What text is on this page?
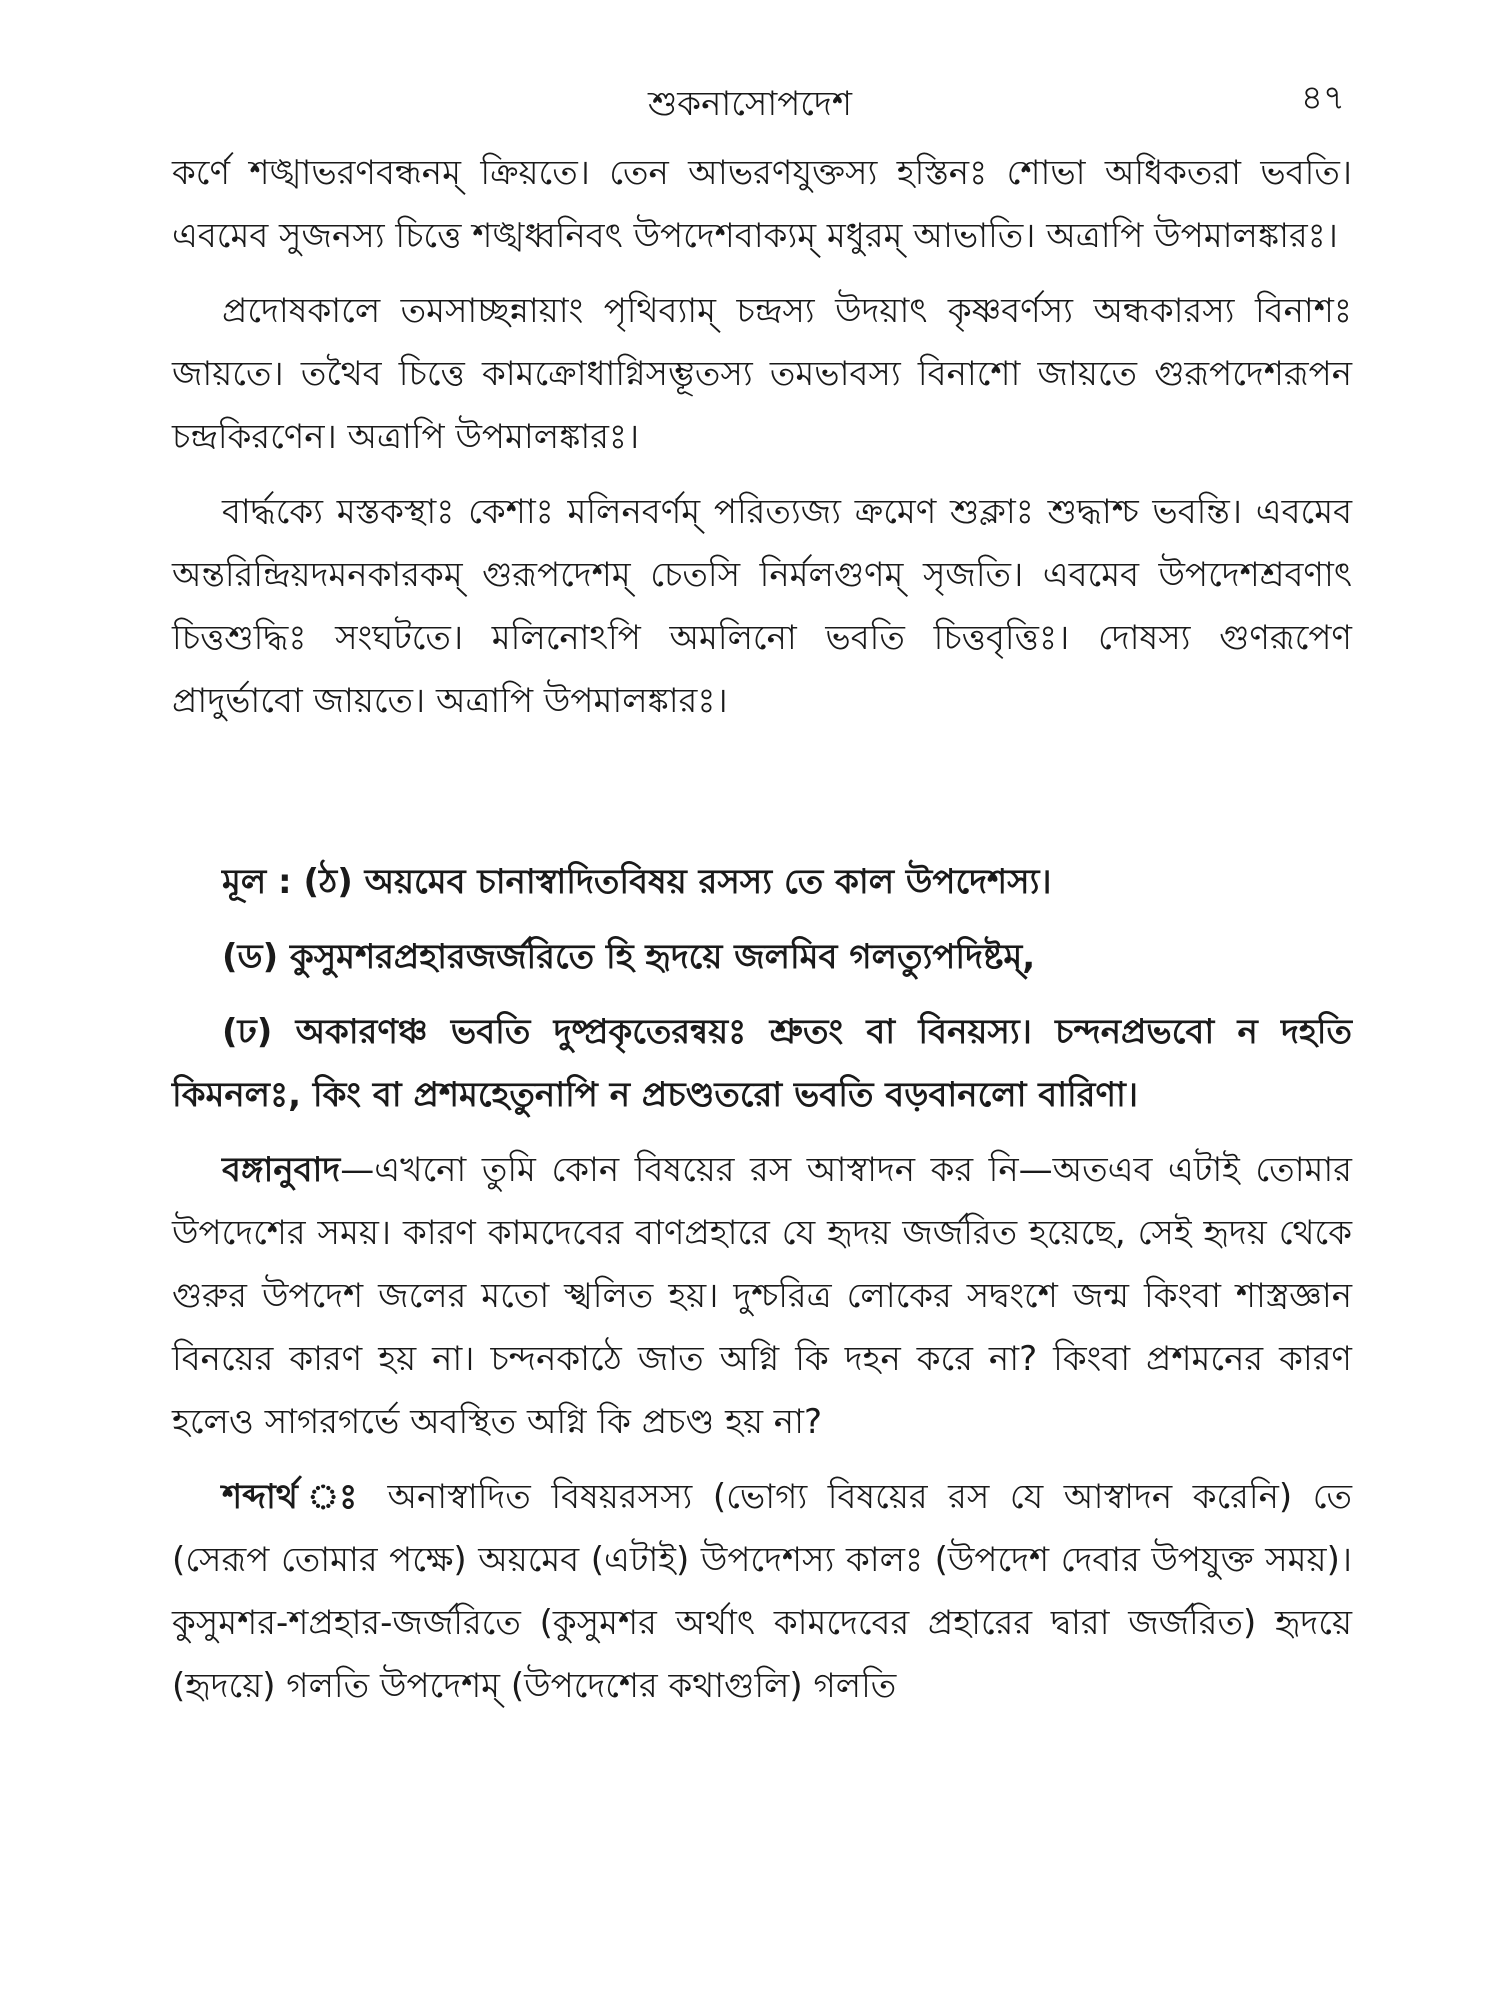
শুকনাসোপদেশ	৪৭

কর্ণে শঙ্খাভরণবন্ধনম্ ক্রিয়তে। তেন আভরণযুক্তস্য হস্তিনঃ শোভা অধিকতরা ভবতি। এবমেব সুজনস্য চিত্তে শঙ্খধ্বনিবৎ উপদেশবাক্যম্ মধুরম্ আভাতি। অত্রাপি উপমালঙ্কারঃ।

প্রদোষকালে তমসাচ্ছন্নায়াং পৃথিব্যাম্ চন্দ্রস্য উদয়াৎ কৃষ্ণবর্ণস্য অন্ধকারস্য বিনাশঃ জায়তে। তথৈব চিত্তে কামক্রোধাগ্নিসম্ভূতস্য তমভাবস্য বিনাশো জায়তে গুরূপদেশরূপন চন্দ্রকিরণেন। অত্রাপি উপমালঙ্কারঃ।

বার্দ্ধক্যে মস্তকস্থাঃ কেশাঃ মলিনবর্ণম্ পরিত্যজ্য ক্রমেণ শুক্লাঃ শুদ্ধাশ্চ ভবন্তি। এবমেব অন্তরিন্দ্রিয়দমনকারকম্ গুরূপদেশম্ চেতসি নির্মলগুণম্ সৃজতি। এবমেব উপদেশশ্রবণাৎ চিত্তশুদ্ধিঃ সংঘটতে। মলিনোঽপি অমলিনো ভবতি চিত্তবৃত্তিঃ। দোষস্য গুণরূপেণ প্রাদুর্ভাবো জায়তে। অত্রাপি উপমালঙ্কারঃ।

মূল : (ঠ) অয়মেব চানাস্বাদিতবিষয় রসস্য তে কাল উপদেশস্য।

(ড) কুসুমশরপ্রহারজর্জরিতে হি হৃদয়ে জলমিব গলত্যুপদিষ্টম্,

(ঢ) অকারণঞ্চ ভবতি দুষ্প্রকৃতেরন্বয়ঃ শ্রুতং বা বিনয়স্য। চন্দনপ্রভবো ন দহতি কিমনলঃ, কিং বা প্রশমহেতুনাপি ন প্রচণ্ডতরো ভবতি বড়বানলো বারিণা।

বঙ্গানুবাদ—এখনো তুমি কোন বিষয়ের রস আস্বাদন কর নি—অতএব এটাই তোমার উপদেশের সময়। কারণ কামদেবের বাণপ্রহারে যে হৃদয় জর্জরিত হয়েছে, সেই হৃদয় থেকে গুরুর উপদেশ জলের মতো স্খলিত হয়। দুশ্চরিত্র লোকের সদ্বংশে জন্ম কিংবা শাস্ত্রজ্ঞান বিনয়ের কারণ হয় না। চন্দনকাঠে জাত অগ্নি কি দহন করে না? কিংবা প্রশমনের কারণ হলেও সাগরগর্ভে অবস্থিত অগ্নি কি প্রচণ্ড হয় না?

শব্দার্থ ঃ অনাস্বাদিত বিষয়রসস্য (ভোগ্য বিষয়ের রস যে আস্বাদন করেনি) তে (সেরূপ তোমার পক্ষে) অয়মেব (এটাই) উপদেশস্য কালঃ (উপদেশ দেবার উপযুক্ত সময়)। কুসুমশর-শপ্রহার-জর্জরিতে (কুসুমশর অর্থাৎ কামদেবের প্রহারের দ্বারা জর্জরিত) হৃদয়ে (হৃদয়ে) গলতি উপদেশম্ (উপদেশের কথাগুলি) গলতি
